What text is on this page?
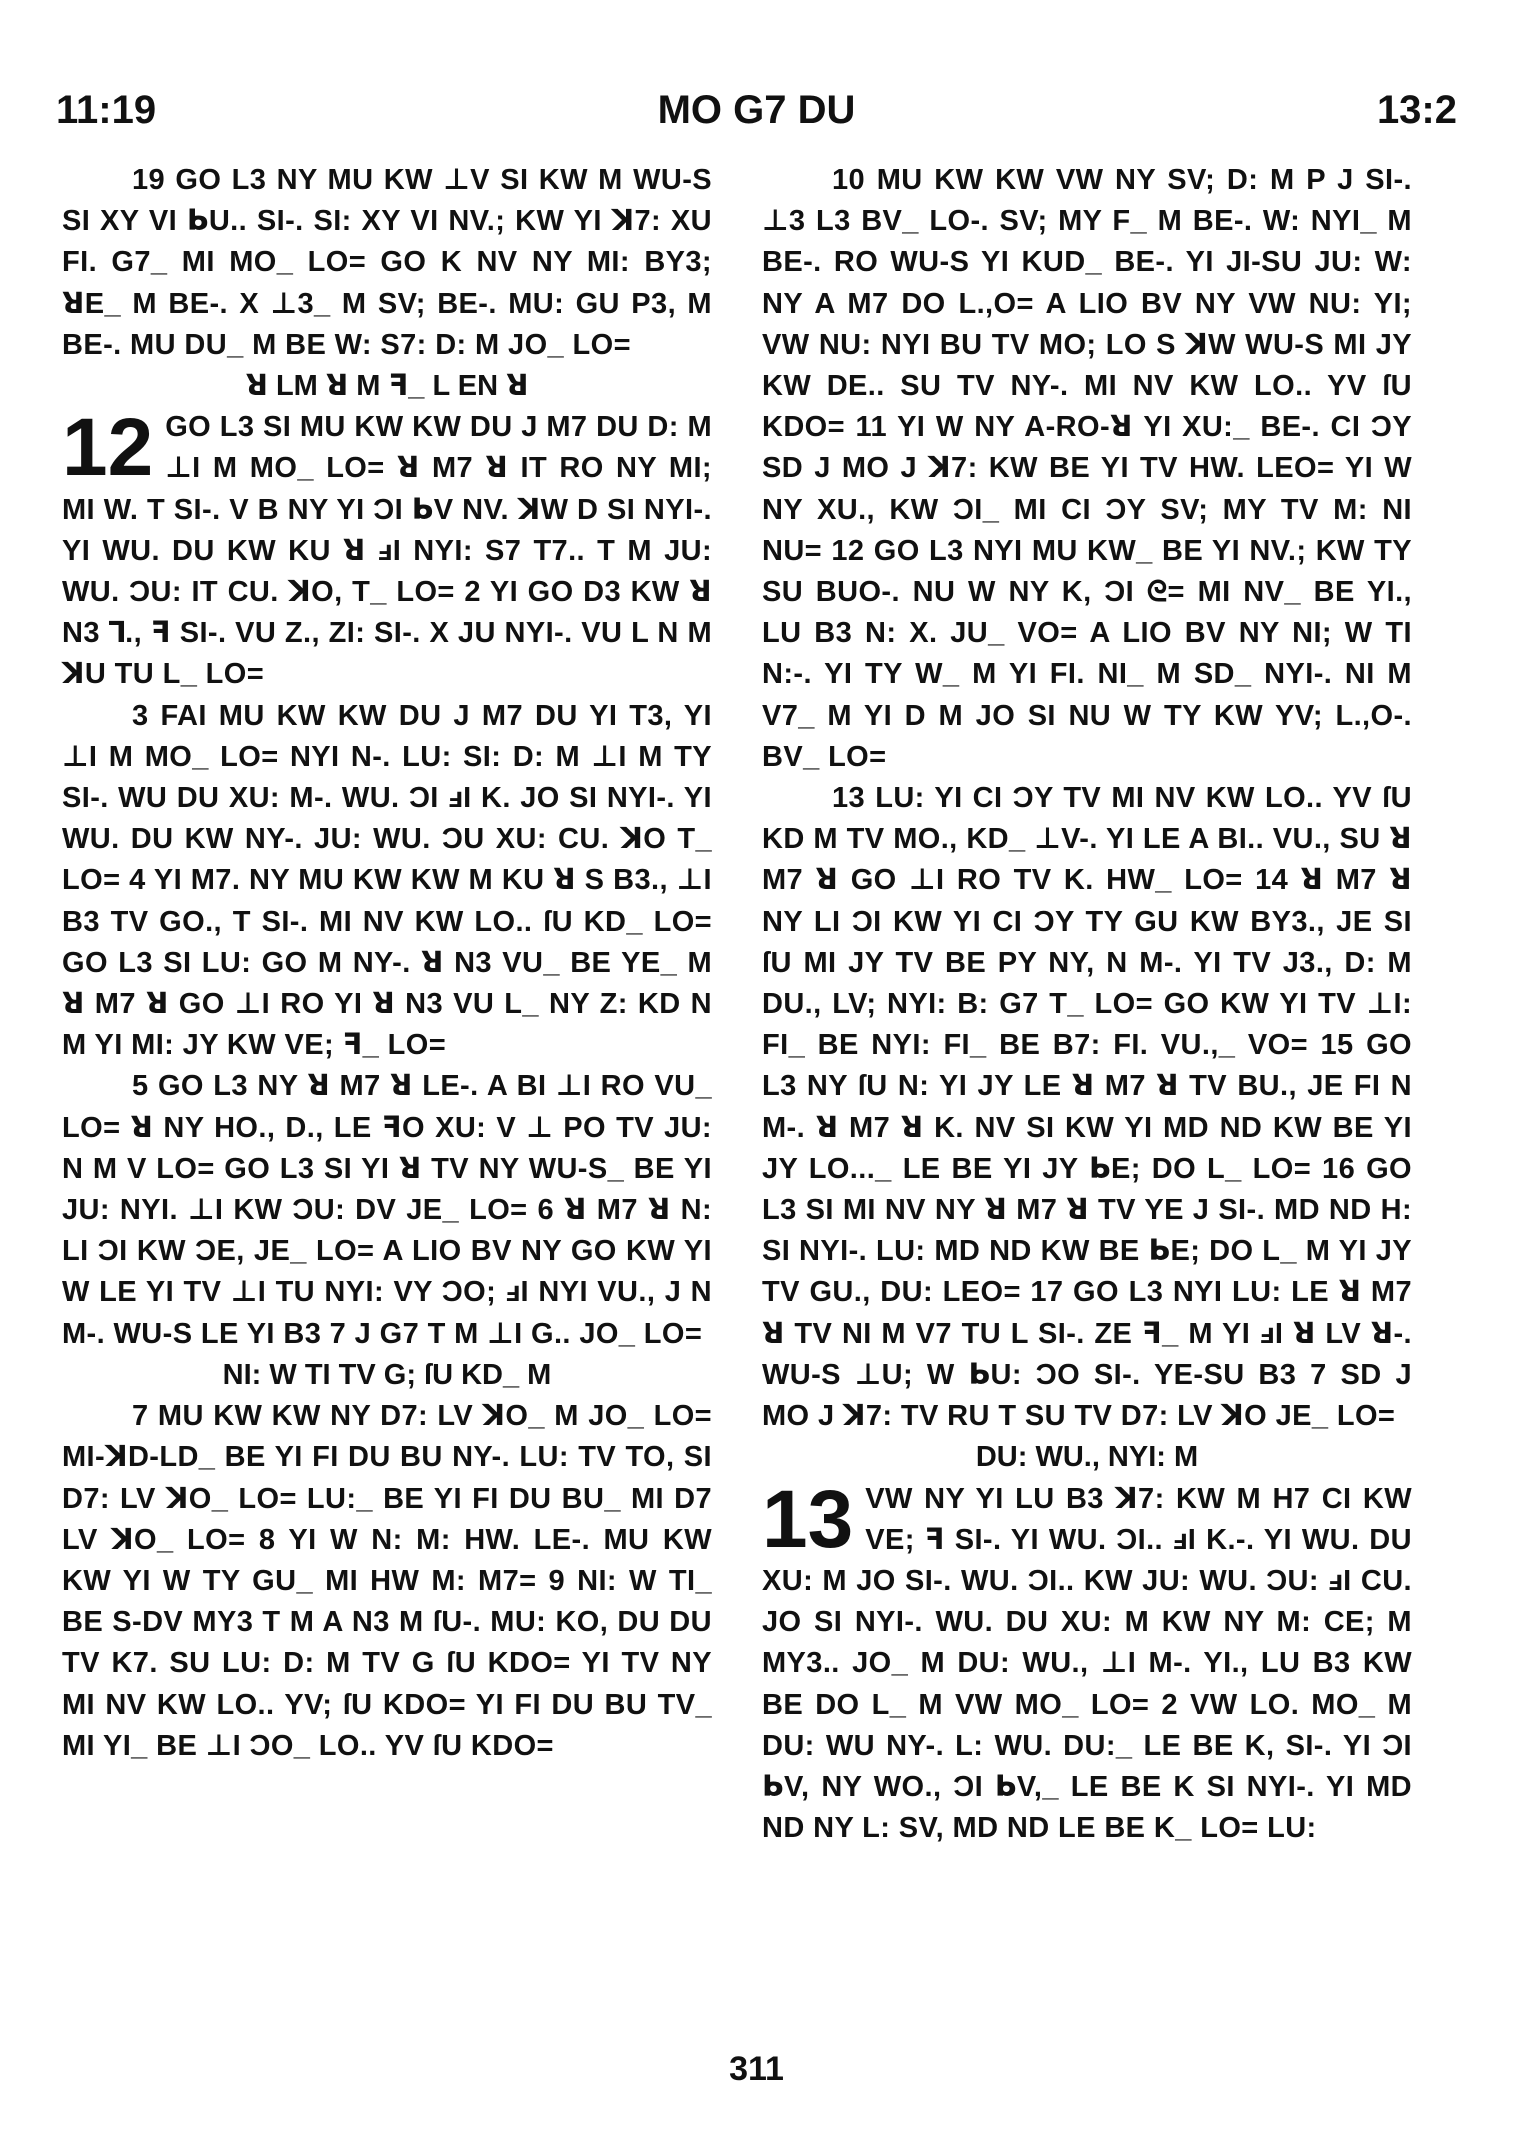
11:19	MO G7 DU	13:2

19 GO L3 NY MU KW ⊥V SI KW M WU-S SI XY VI ᖯU.. SI-. SI: XY VI NV.; KW YI ꓘ7: XU FI. G7_ MI MO_ LO= GO K NV NY MI: BY3; ꓤE_ M BE-. X ⊥3_ M SV; BE-. MU: GU P3, M BE-. MU DU_ M BE W: S7: D: M JO_ LO=

ꓤ LM ꓤ M ꟻ_ L EN ꓤ

12 GO L3 SI MU KW KW DU J M7 DU D: M ⊥I M MO_ LO= ꓤ M7 ꓤ IT RO NY MI; MI W. T SI-. V B NY YI ƆI ᖯV NV. ꓘW D SI NYI-. YI WU. DU KW KU ꓤ ⅎI NYI: S7 T7.. T M JU: WU. ƆU: IT CU. ꓘO, T_ LO= 2 YI GO D3 KW ꓤ N3 ⅂., ꟻ SI-. VU Z., ZI: SI-. X JU NYI-. VU L N M ꓘU TU L_ LO=

3 FAI MU KW KW DU J M7 DU YI T3, YI ⊥I M MO_ LO= NYI N-. LU: SI: D: M ⊥I M TY SI-. WU DU XU: M-. WU. ƆI ⅎI K. JO SI NYI-. YI WU. DU KW NY-. JU: WU. ƆU XU: CU. ꓘO T_ LO= 4 YI M7. NY MU KW KW M KU ꓤ S B3., ⊥I B3 TV GO., T SI-. MI NV KW LO.. ſU KD_ LO= GO L3 SI LU: GO M NY-. ꓤ N3 VU_ BE YE_ M ꓤ M7 ꓤ GO ⊥I RO YI ꓤ N3 VU L_ NY Z: KD N M YI MI: JY KW VE; ꟻ_ LO=

5 GO L3 NY ꓤ M7 ꓤ LE-. A BI ⊥I RO VU_ LO= ꓤ NY HO., D., LE ꟻO XU: V ⊥ PO TV JU: N M V LO= GO L3 SI YI ꓤ TV NY WU-S_ BE YI JU: NYI. ⊥I KW ƆU: DV JE_ LO= 6 ꓤ M7 ꓤ N: LI ƆI KW ƆE, JE_ LO= A LIO BV NY GO KW YI W LE YI TV ⊥I TU NYI: VY ƆO; ⅎI NYI VU., J N M-. WU-S LE YI B3 7 J G7 T M ⊥I G.. JO_ LO=

NI: W TI TV G; ſU KD_ M

7 MU KW KW NY D7: LV ꓘO_ M JO_ LO= MI-ꓘD-LD_ BE YI FI DU BU NY-. LU: TV TO, SI D7: LV ꓘO_ LO= LU:_ BE YI FI DU BU_ MI D7 LV ꓘO_ LO= 8 YI W N: M: HW. LE-. MU KW KW YI W TY GU_ MI HW M: M7= 9 NI: W TI_ BE S-DV MY3 T M A N3 M ſU-. MU: KO, DU DU TV K7. SU LU: D: M TV G ſU KDO= YI TV NY MI NV KW LO.. YV; ſU KDO= YI FI DU BU TV_ MI YI_ BE ⊥I ƆO_ LO.. YV ſU KDO=

10 MU KW KW VW NY SV; D: M P J SI-. ⊥3 L3 BV_ LO-. SV; MY F_ M BE-. W: NYI_ M BE-. RO WU-S YI KUD_ BE-. YI JI-SU JU: W: NY A M7 DO L.,O= A LIO BV NY VW NU: YI; VW NU: NYI BU TV MO; LO S ꓘW WU-S MI JY KW DE.. SU TV NY-. MI NV KW LO.. YV ſU KDO= 11 YI W NY A-RO-ꓤ YI XU:_ BE-. CI ƆY SD J MO J ꓘ7: KW BE YI TV HW. LEO= YI W NY XU., KW ƆI_ MI CI ƆY SV; MY TV M: NI NU= 12 GO L3 NYI MU KW_ BE YI NV.; KW TY SU BUO-. NU W NY K, ƆI ᘓ= MI NV_ BE YI., LU B3 N: X. JU_ VO= A LIO BV NY NI; W TI N:-. YI TY W_ M YI FI. NI_ M SD_ NYI-. NI M V7_ M YI D M JO SI NU W TY KW YV; L.,O-. BV_ LO=

13 LU: YI CI ƆY TV MI NV KW LO.. YV ſU KD M TV MO., KD_ ⊥V-. YI LE A BI.. VU., SU ꓤ M7 ꓤ GO ⊥I RO TV K. HW_ LO= 14 ꓤ M7 ꓤ NY LI ƆI KW YI CI ƆY TY GU KW BY3., JE SI ſU MI JY TV BE PY NY, N M-. YI TV J3., D: M DU., LV; NYI: B: G7 T_ LO= GO KW YI TV ⊥I: FI_ BE NYI: FI_ BE B7: FI. VU.,_ VO= 15 GO L3 NY ſU N: YI JY LE ꓤ M7 ꓤ TV BU., JE FI N M-. ꓤ M7 ꓤ K. NV SI KW YI MD ND KW BE YI JY LO..._ LE BE YI JY ᖯE; DO L_ LO= 16 GO L3 SI MI NV NY ꓤ M7 ꓤ TV YE J SI-. MD ND H: SI NYI-. LU: MD ND KW BE ᖯE; DO L_ M YI JY TV GU., DU: LEO= 17 GO L3 NYI LU: LE ꓤ M7 ꓤ TV NI M V7 TU L SI-. ZE ꟻ_ M YI ⅎI ꓤ LV ꓤ-. WU-S ⊥U; W ᖯU: ƆO SI-. YE-SU B3 7 SD J MO J ꓘ7: TV RU T SU TV D7: LV ꓘO JE_ LO=

DU: WU., NYI: M

13 VW NY YI LU B3 ꓘ7: KW M H7 CI KW VE; ꟻ SI-. YI WU. ƆI.. ⅎI K.-. YI WU. DU XU: M JO SI-. WU. ƆI.. KW JU: WU. ƆU: ⅎI CU. JO SI NYI-. WU. DU XU: M KW NY M: CE; M MY3.. JO_ M DU: WU., ⊥I M-. YI., LU B3 KW BE DO L_ M VW MO_ LO= 2 VW LO. MO_ M DU: WU NY-. L: WU. DU:_ LE BE K, SI-. YI ƆI ᖯV, NY WO., ƆI ᖯV,_ LE BE K SI NYI-. YI MD ND NY L: SV, MD ND LE BE K_ LO= LU:

311
